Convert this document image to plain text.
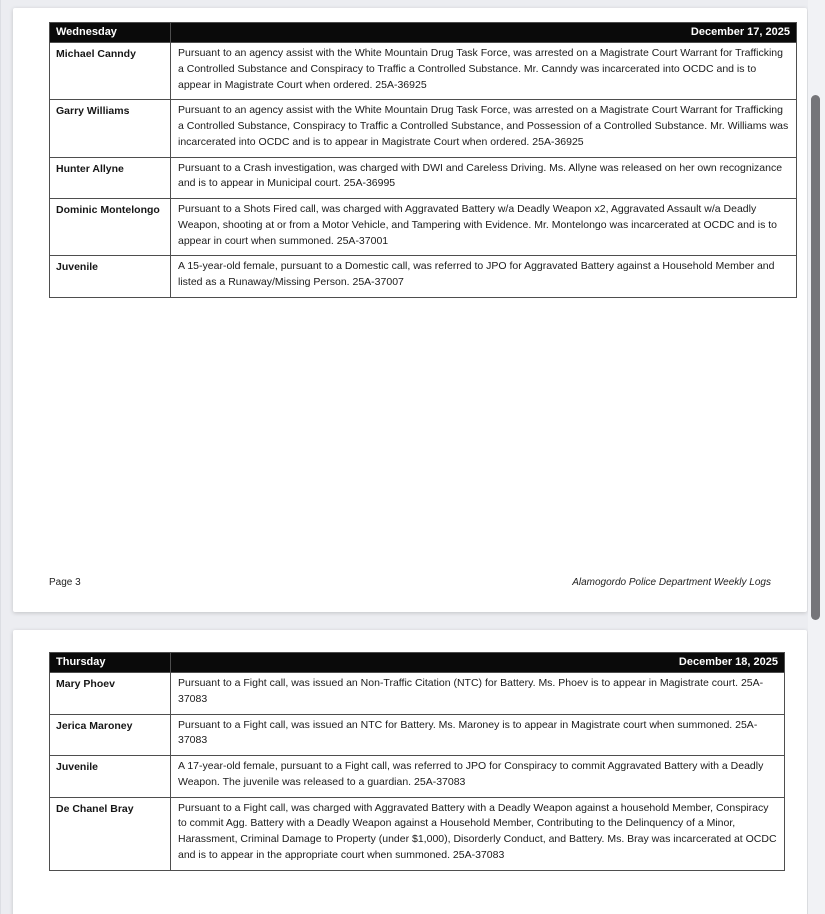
Wednesday	December 17, 2025
Michael Canndy	Pursuant to an agency assist with the White Mountain Drug Task Force, was arrested on a Magistrate Court Warrant for Trafficking a Controlled Substance and Conspiracy to Traffic a Controlled Substance. Mr. Canndy was incarcerated into OCDC and is to appear in Magistrate Court when ordered. 25A-36925
Garry Williams	Pursuant to an agency assist with the White Mountain Drug Task Force, was arrested on a Magistrate Court Warrant for Trafficking a Controlled Substance, Conspiracy to Traffic a Controlled Substance, and Possession of a Controlled Substance. Mr. Williams was incarcerated into OCDC and is to appear in Magistrate Court when ordered. 25A-36925
Hunter Allyne	Pursuant to a Crash investigation, was charged with DWI and Careless Driving. Ms. Allyne was released on her own recognizance and is to appear in Municipal court. 25A-36995
Dominic Montelongo	Pursuant to a Shots Fired call, was charged with Aggravated Battery w/a Deadly Weapon x2, Aggravated Assault w/a Deadly Weapon, shooting at or from a Motor Vehicle, and Tampering with Evidence. Mr. Montelongo was incarcerated at OCDC and is to appear in court when summoned. 25A-37001
Juvenile	A 15-year-old female, pursuant to a Domestic call, was referred to JPO for Aggravated Battery against a Household Member and listed as a Runaway/Missing Person. 25A-37007
Page 3	Alamogordo Police Department Weekly Logs
Thursday	December 18, 2025
Mary Phoev	Pursuant to a Fight call, was issued an Non-Traffic Citation (NTC) for Battery. Ms. Phoev is to appear in Magistrate court. 25A-37083
Jerica Maroney	Pursuant to a Fight call, was issued an NTC for Battery. Ms. Maroney is to appear in Magistrate court when summoned. 25A-37083
Juvenile	A 17-year-old female, pursuant to a Fight call, was referred to JPO for Conspiracy to commit Aggravated Battery with a Deadly Weapon. The juvenile was released to a guardian. 25A-37083
De Chanel Bray	Pursuant to a Fight call, was charged with Aggravated Battery with a Deadly Weapon against a household Member, Conspiracy to commit Agg. Battery with a Deadly Weapon against a Household Member, Contributing to the Delinquency of a Minor, Harassment, Criminal Damage to Property (under $1,000), Disorderly Conduct, and Battery. Ms. Bray was incarcerated at OCDC and is to appear in the appropriate court when summoned. 25A-37083
